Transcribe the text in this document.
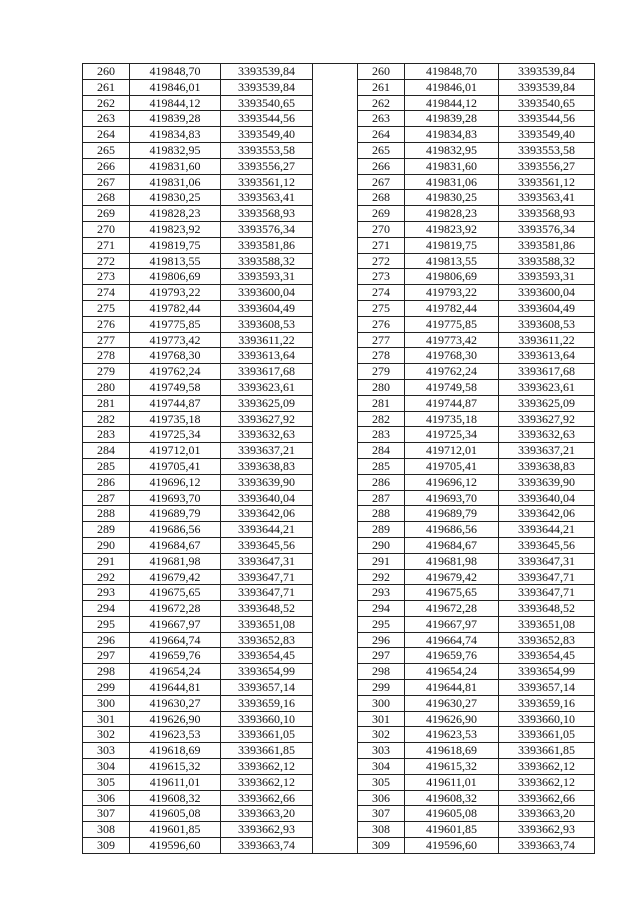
260	419848,70	3393539,84		260	419848,70	3393539,84
261	419846,01	3393539,84		261	419846,01	3393539,84
262	419844,12	3393540,65		262	419844,12	3393540,65
263	419839,28	3393544,56		263	419839,28	3393544,56
264	419834,83	3393549,40		264	419834,83	3393549,40
265	419832,95	3393553,58		265	419832,95	3393553,58
266	419831,60	3393556,27		266	419831,60	3393556,27
267	419831,06	3393561,12		267	419831,06	3393561,12
268	419830,25	3393563,41		268	419830,25	3393563,41
269	419828,23	3393568,93		269	419828,23	3393568,93
270	419823,92	3393576,34		270	419823,92	3393576,34
271	419819,75	3393581,86		271	419819,75	3393581,86
272	419813,55	3393588,32		272	419813,55	3393588,32
273	419806,69	3393593,31		273	419806,69	3393593,31
274	419793,22	3393600,04		274	419793,22	3393600,04
275	419782,44	3393604,49		275	419782,44	3393604,49
276	419775,85	3393608,53		276	419775,85	3393608,53
277	419773,42	3393611,22		277	419773,42	3393611,22
278	419768,30	3393613,64		278	419768,30	3393613,64
279	419762,24	3393617,68		279	419762,24	3393617,68
280	419749,58	3393623,61		280	419749,58	3393623,61
281	419744,87	3393625,09		281	419744,87	3393625,09
282	419735,18	3393627,92		282	419735,18	3393627,92
283	419725,34	3393632,63		283	419725,34	3393632,63
284	419712,01	3393637,21		284	419712,01	3393637,21
285	419705,41	3393638,83		285	419705,41	3393638,83
286	419696,12	3393639,90		286	419696,12	3393639,90
287	419693,70	3393640,04		287	419693,70	3393640,04
288	419689,79	3393642,06		288	419689,79	3393642,06
289	419686,56	3393644,21		289	419686,56	3393644,21
290	419684,67	3393645,56		290	419684,67	3393645,56
291	419681,98	3393647,31		291	419681,98	3393647,31
292	419679,42	3393647,71		292	419679,42	3393647,71
293	419675,65	3393647,71		293	419675,65	3393647,71
294	419672,28	3393648,52		294	419672,28	3393648,52
295	419667,97	3393651,08		295	419667,97	3393651,08
296	419664,74	3393652,83		296	419664,74	3393652,83
297	419659,76	3393654,45		297	419659,76	3393654,45
298	419654,24	3393654,99		298	419654,24	3393654,99
299	419644,81	3393657,14		299	419644,81	3393657,14
300	419630,27	3393659,16		300	419630,27	3393659,16
301	419626,90	3393660,10		301	419626,90	3393660,10
302	419623,53	3393661,05		302	419623,53	3393661,05
303	419618,69	3393661,85		303	419618,69	3393661,85
304	419615,32	3393662,12		304	419615,32	3393662,12
305	419611,01	3393662,12		305	419611,01	3393662,12
306	419608,32	3393662,66		306	419608,32	3393662,66
307	419605,08	3393663,20		307	419605,08	3393663,20
308	419601,85	3393662,93		308	419601,85	3393662,93
309	419596,60	3393663,74		309	419596,60	3393663,74
